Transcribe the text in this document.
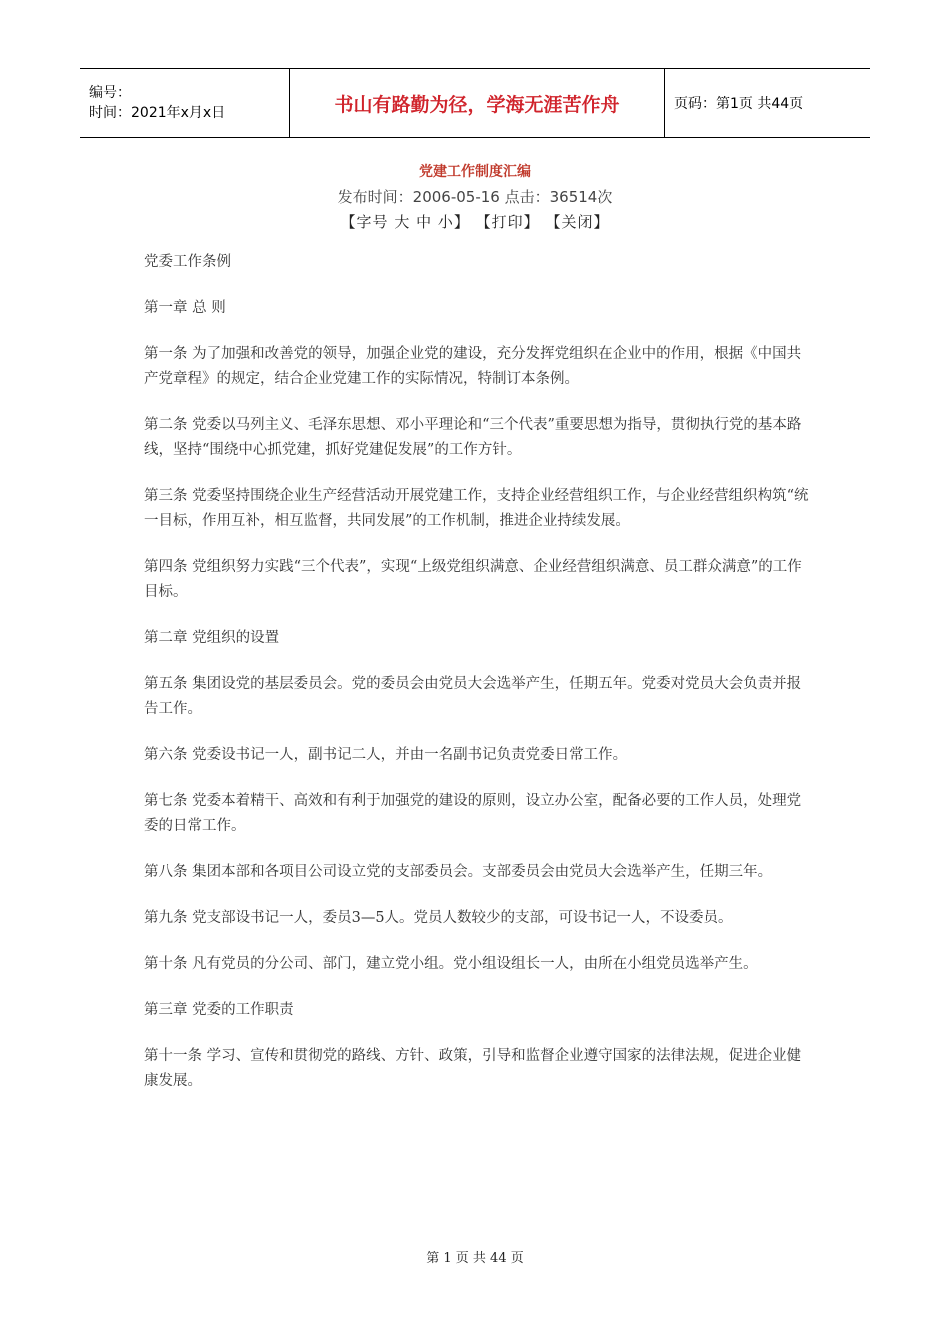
编号：
时间：2021年x月x日	书山有路勤为径，学海无涯苦作舟	页码：第1页 共44页
党建工作制度汇编
发布时间：2006-05-16 点击：36514次
【字号 大 中 小】 【打印】 【关闭】

党委工作条例

第一章 总 则

第一条 为了加强和改善党的领导，加强企业党的建设，充分发挥党组织在企业中的作用，根据《中国共产党章程》的规定，结合企业党建工作的实际情况，特制订本条例。

第二条 党委以马列主义、毛泽东思想、邓小平理论和“三个代表”重要思想为指导，贯彻执行党的基本路线，坚持“围绕中心抓党建，抓好党建促发展”的工作方针。

第三条 党委坚持围绕企业生产经营活动开展党建工作，支持企业经营组织工作，与企业经营组织构筑“统一目标，作用互补，相互监督，共同发展”的工作机制，推进企业持续发展。

第四条 党组织努力实践“三个代表”，实现“上级党组织满意、企业经营组织满意、员工群众满意”的工作目标。

第二章 党组织的设置

第五条 集团设党的基层委员会。党的委员会由党员大会选举产生，任期五年。党委对党员大会负责并报告工作。

第六条 党委设书记一人，副书记二人，并由一名副书记负责党委日常工作。

第七条 党委本着精干、高效和有利于加强党的建设的原则，设立办公室，配备必要的工作人员，处理党委的日常工作。

第八条 集团本部和各项目公司设立党的支部委员会。支部委员会由党员大会选举产生，任期三年。

第九条 党支部设书记一人，委员3—5人。党员人数较少的支部，可设书记一人，不设委员。

第十条 凡有党员的分公司、部门，建立党小组。党小组设组长一人，由所在小组党员选举产生。

第三章 党委的工作职责

第十一条 学习、宣传和贯彻党的路线、方针、政策，引导和监督企业遵守国家的法律法规，促进企业健康发展。

第 1 页 共 44 页
